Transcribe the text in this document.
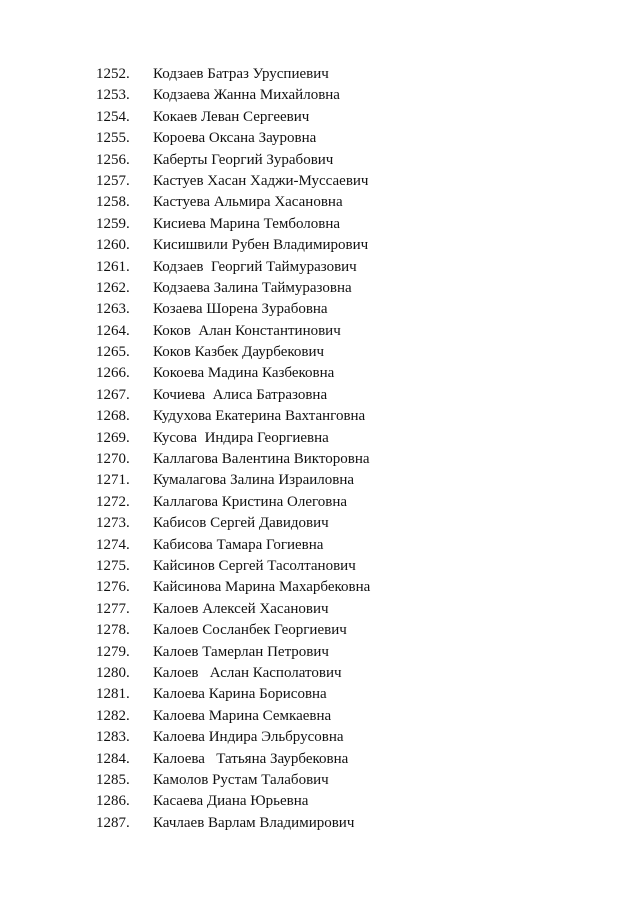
1252.	Кодзаев Батраз Уруспиевич
1253.	Кодзаева Жанна Михайловна
1254.	Кокаев Леван Сергеевич
1255.	Короева Оксана Зауровна
1256.	Каберты Георгий Зурабович
1257.	Кастуев Хасан Хаджи-Муссаевич
1258.	Кастуева Альмира Хасановна
1259.	Кисиева Марина Темболовна
1260.	Кисишвили Рубен Владимирович
1261.	Кодзаев  Георгий Таймуразович
1262.	Кодзаева Залина Таймуразовна
1263.	Козаева Шорена Зурабовна
1264.	Коков  Алан Константинович
1265.	Коков Казбек Даурбекович
1266.	Кокоева Мадина Казбековна
1267.	Кочиева  Алиса Батразовна
1268.	Кудухова Екатерина Вахтанговна
1269.	Кусова  Индира Георгиевна
1270.	Каллагова Валентина Викторовна
1271.	Кумалагова Залина Израиловна
1272.	Каллагова Кристина Олеговна
1273.	Кабисов Сергей Давидович
1274.	Кабисова Тамара Гогиевна
1275.	Кайсинов Сергей Тасолтанович
1276.	Кайсинова Марина Махарбековна
1277.	Калоев Алексей Хасанович
1278.	Калоев Сосланбек Георгиевич
1279.	Калоев Тамерлан Петрович
1280.	Калоев   Аслан Касполатович
1281.	Калоева Карина Борисовна
1282.	Калоева Марина Семкаевна
1283.	Калоева Индира Эльбрусовна
1284.	Калоева   Татьяна Заурбековна
1285.	Камолов Рустам Талабович
1286.	Касаева Диана Юрьевна
1287.	Качлаев Варлам Владимирович
